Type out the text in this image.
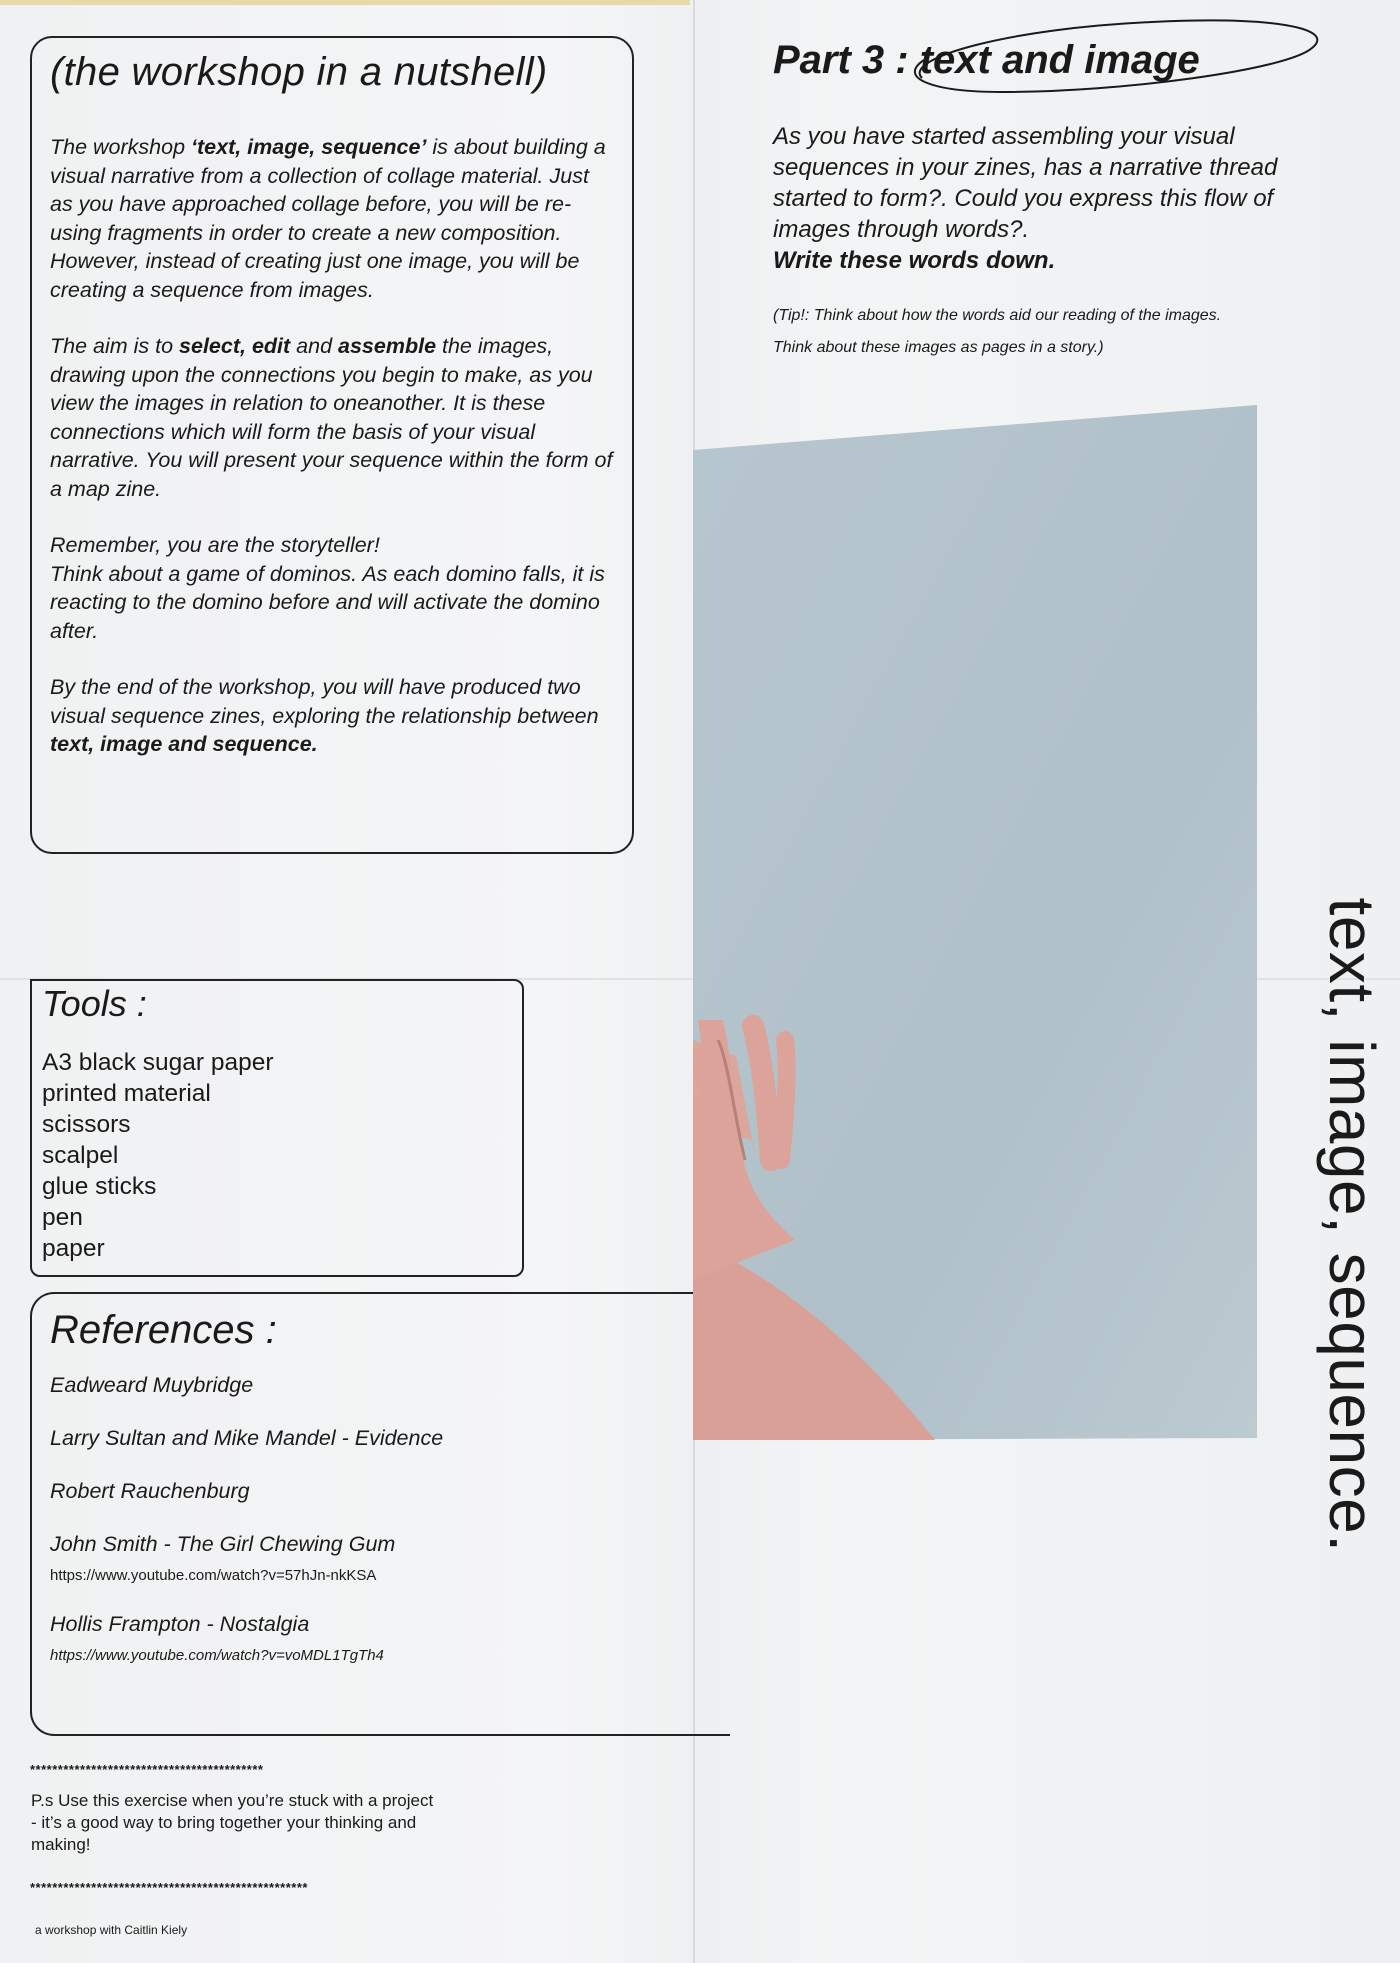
(the workshop in a nutshell)

The workshop ‘text, image, sequence’ is about building a visual narrative from a collection of collage material. Just as you have approached collage before, you will be re-using fragments in order to create a new composition.
However, instead of creating just one image, you will be creating a sequence from images.

The aim is to select, edit and assemble the images, drawing upon the connections you begin to make, as you view the images in relation to oneanother. It is these connections which will form the basis of your visual narrative. You will present your sequence within the form of a map zine.

Remember, you are the storyteller!
Think about a game of dominos. As each domino falls, it is reacting to the domino before and will activate the domino after.

By the end of the workshop, you will have produced two visual sequence zines, exploring the relationship between text, image and sequence.

Tools :
A3 black sugar paper
printed material
scissors
scalpel
glue sticks
pen
paper
References :
Eadweard Muybridge
Larry Sultan and Mike Mandel - Evidence
Robert Rauchenburg
John Smith - The Girl Chewing Gum
https://www.youtube.com/watch?v=57hJn-nkKSA
Hollis Frampton - Nostalgia
https://www.youtube.com/watch?v=voMDL1TgTh4
******************************************
P.s Use this exercise when you’re stuck with a project - it’s a good way to bring together your thinking and making!
**************************************************
a workshop with Caitlin Kiely
Part 3 : text and image
As you have started assembling your visual sequences in your zines, has a narrative thread started to form?. Could you express this flow of images through words?.
Write these words down.
(Tip!: Think about how the words aid our reading of the images.
Think about these images as pages in a story.)
text, image, sequence.
